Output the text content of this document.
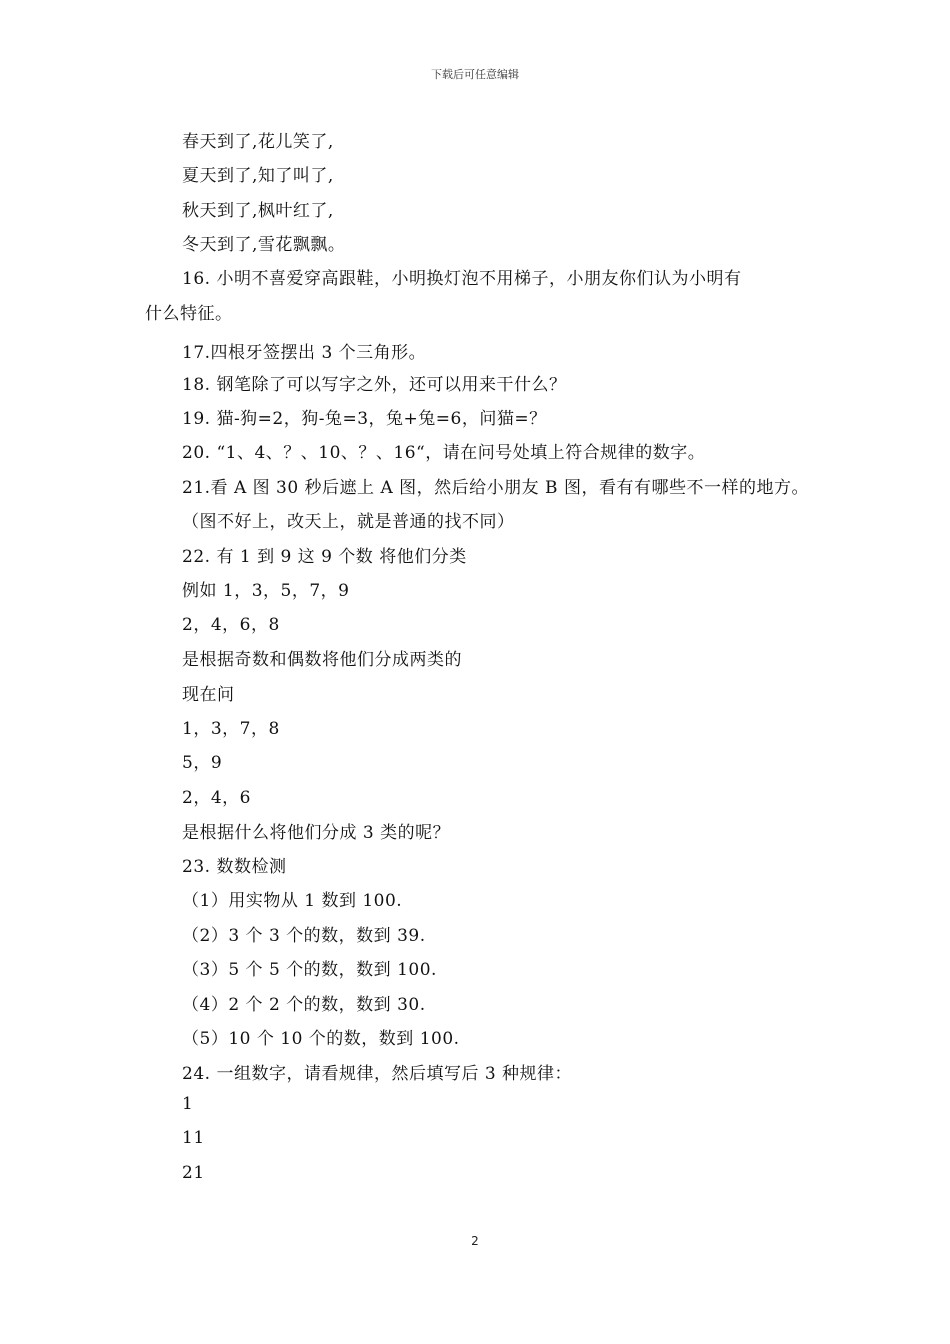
下载后可任意编辑
春天到了,花儿笑了,
夏天到了,知了叫了,
秋天到了,枫叶红了,
冬天到了,雪花飘飘。
16. 小明不喜爱穿高跟鞋，小明换灯泡不用梯子，小朋友你们认为小明有
什么特征。
17.四根牙签摆出 3 个三角形。
18. 钢笔除了可以写字之外，还可以用来干什么？
19. 猫-狗=2，狗-兔=3，兔+兔=6，问猫=？
20. “1、4、？、10、？、16“，请在问号处填上符合规律的数字。
21.看 A 图 30 秒后遮上 A 图，然后给小朋友 B 图，看有有哪些不一样的地方。
（图不好上，改天上，就是普通的找不同）
22. 有 1 到 9 这 9 个数 将他们分类
例如 1，3，5，7，9
2，4，6，8
是根据奇数和偶数将他们分成两类的
现在问
1，3，7，8
5，9
2，4，6
是根据什么将他们分成 3 类的呢？
23. 数数检测
（1）用实物从 1 数到 100.
（2）3 个 3 个的数，数到 39.
（3）5 个 5 个的数，数到 100.
（4）2 个 2 个的数，数到 30.
（5）10 个 10 个的数，数到 100.
24. 一组数字，请看规律，然后填写后 3 种规律：
1
11
21
2
